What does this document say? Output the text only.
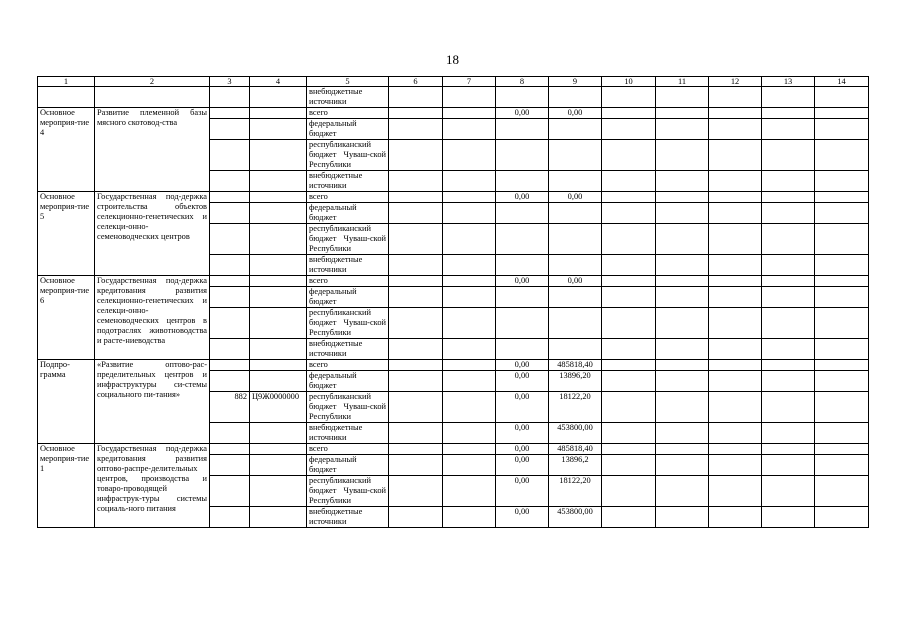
18
1	2	3	4	5	6	7	8	9	10	11	12	13	14
				внебюджетные источники									
Основное мероприя-тие 4	Развитие племенной базы мясного скотовод-ства			всего			0,00	0,00					
				федеральный бюджет									
				республиканский бюджет Чуваш-ской Республики									
				внебюджетные источники									
Основное мероприя-тие 5	Государственная под-держка строительства объектов селекционно-генетических и селекци-онно-семеноводческих центров			всего			0,00	0,00					
				федеральный бюджет									
				республиканский бюджет Чуваш-ской Республики									
				внебюджетные источники									
Основное мероприя-тие 6	Государственная под-держка кредитования развития селекционно-генетических и селекци-онно-семеноводческих центров в подотраслях животноводства и расте-ниеводства			всего			0,00	0,00					
				федеральный бюджет									
				республиканский бюджет Чуваш-ской Республики									
				внебюджетные источники									
Подпро-грамма	«Развитие оптово-рас-пределительных центров и инфраструктуры си-стемы социального пи-тания»			всего			0,00	485818,40					
				федеральный бюджет			0,00	13896,20					
		882	Ц9Ж0000000	республиканский бюджет Чуваш-ской Республики			0,00	18122,20					
				внебюджетные источники			0,00	453800,00					
Основное мероприя-тие 1	Государственная под-держка кредитования развития оптово-распре-делительных центров, производства и товаро-проводящей инфраструк-туры системы социаль-ного питания			всего			0,00	485818,40					
				федеральный бюджет			0,00	13896,2					
				республиканский бюджет Чуваш-ской Республики			0,00	18122,20					
				внебюджетные источники			0,00	453800,00					
